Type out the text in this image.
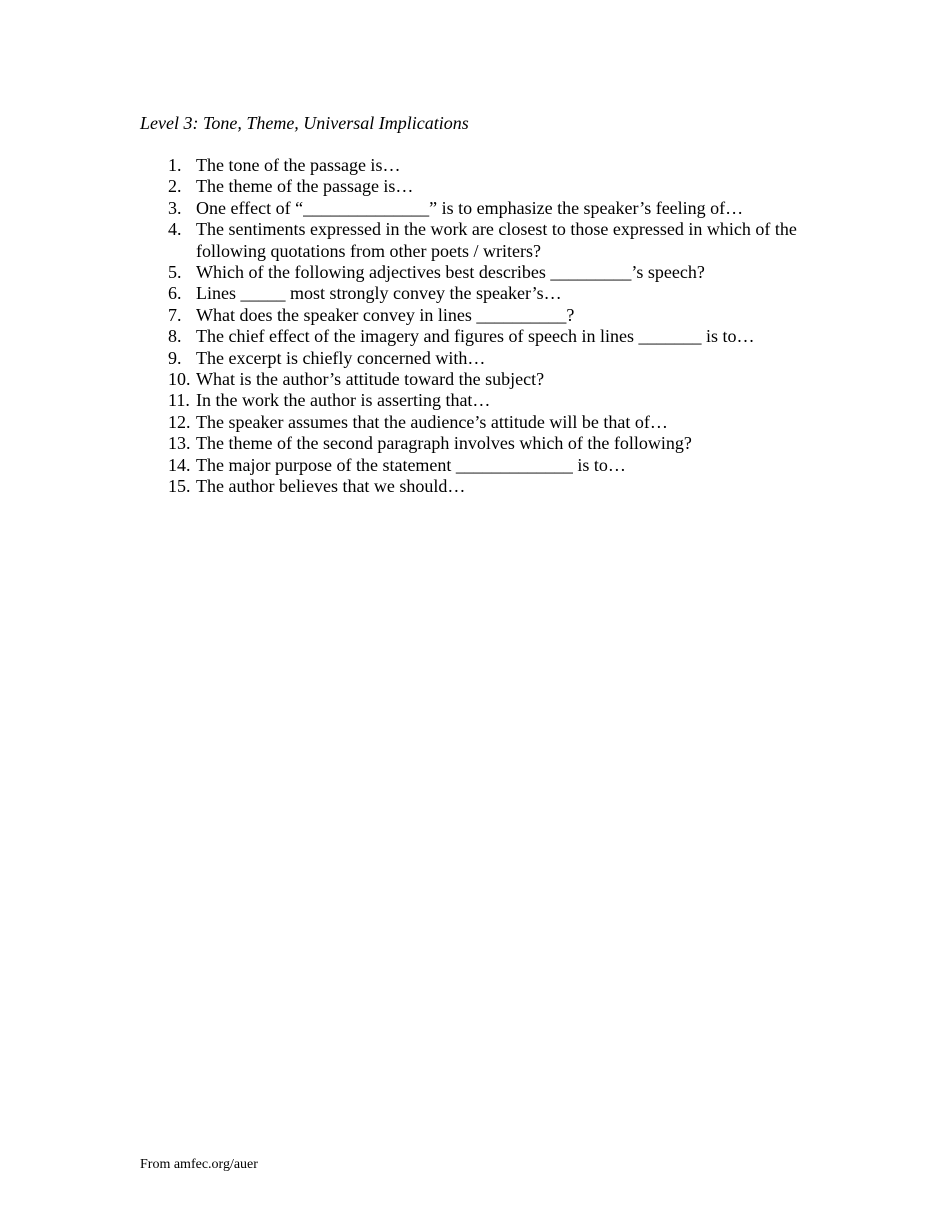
Level 3: Tone, Theme, Universal Implications
1. The tone of the passage is…
2. The theme of the passage is…
3. One effect of “______________” is to emphasize the speaker’s feeling of…
4. The sentiments expressed in the work are closest to those expressed in which of the following quotations from other poets / writers?
5. Which of the following adjectives best describes _________’s speech?
6. Lines _____ most strongly convey the speaker’s…
7. What does the speaker convey in lines __________?
8. The chief effect of the imagery and figures of speech in lines _______ is to…
9. The excerpt is chiefly concerned with…
10. What is the author’s attitude toward the subject?
11. In the work the author is asserting that…
12. The speaker assumes that the audience’s attitude will be that of…
13. The theme of the second paragraph involves which of the following?
14. The major purpose of the statement _____________ is to…
15. The author believes that we should…
From amfec.org/auer
